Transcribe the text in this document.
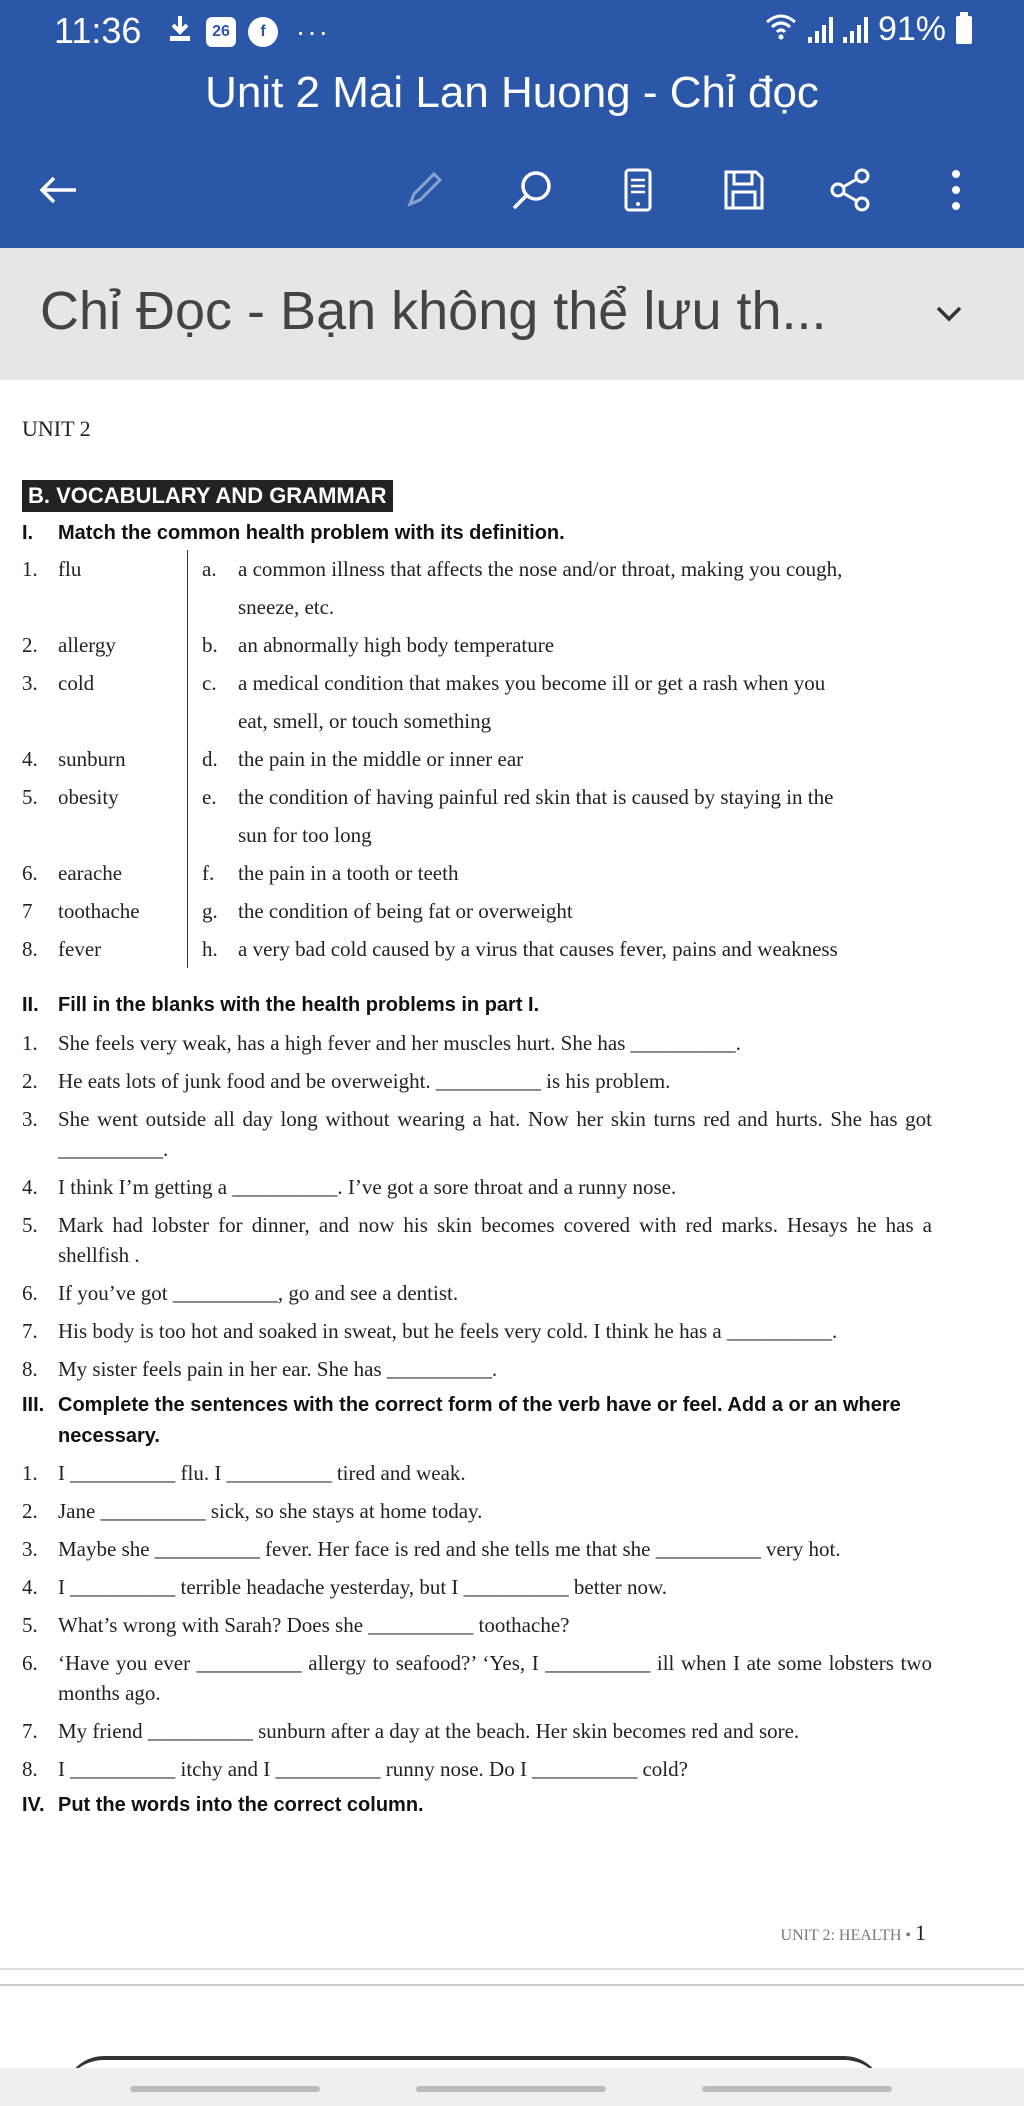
11:36	26	f	···	91%
Unit 2 Mai Lan Huong - Chỉ đọc
Chỉ Đọc - Bạn không thể lưu th...
UNIT 2
B. VOCABULARY AND GRAMMAR
I. Match the common health problem with its definition.
1. flu	a.	a common illness that affects the nose and/or throat, making you cough,
sneeze, etc.
2. allergy	b. an abnormally high body temperature
3. cold	c.	a medical condition that makes you become ill or get a rash when you
eat, smell, or touch something
4. sunburn	d. the pain in the middle or inner ear
5. obesity	e.	the condition of having painful red skin that is caused by staying in the
sun for too long
6. earache	f.	the pain in a tooth or teeth
7	toothache	g. the condition of being fat or overweight
8. fever	h. a very bad cold caused by a virus that causes fever, pains and weakness
II. Fill in the blanks with the health problems in part I.
1. She feels very weak, has a high fever and her muscles hurt. She has __________.
2. He eats lots of junk food and be overweight. __________ is his problem.
3. She went outside all day long without wearing a hat. Now her skin turns red and hurts. She has got __________.
4. I think I’m getting a __________. I’ve got a sore throat and a runny nose.
5. Mark had lobster for dinner, and now his skin becomes covered with red marks. Hesays he has a shellfish .
6. If you’ve got __________, go and see a dentist.
7. His body is too hot and soaked in sweat, but he feels very cold. I think he has a __________.
8. My sister feels pain in her ear. She has __________.
III. Complete the sentences with the correct form of the verb have or feel. Add a or an where
necessary.
1. I __________ flu. I __________ tired and weak.
2. Jane __________ sick, so she stays at home today.
3. Maybe she __________ fever. Her face is red and she tells me that she __________ very hot.
4. I __________ terrible headache yesterday, but I __________ better now.
5. What’s wrong with Sarah? Does she __________ toothache?
6. ‘Have you ever __________ allergy to seafood?’ ‘Yes, I __________ ill when I ate some lobsters two months ago.
7. My friend __________ sunburn after a day at the beach. Her skin becomes red and sore.
8. I __________ itchy and I __________ runny nose. Do I __________ cold?
IV. Put the words into the correct column.
UNIT 2: HEALTH • 1
